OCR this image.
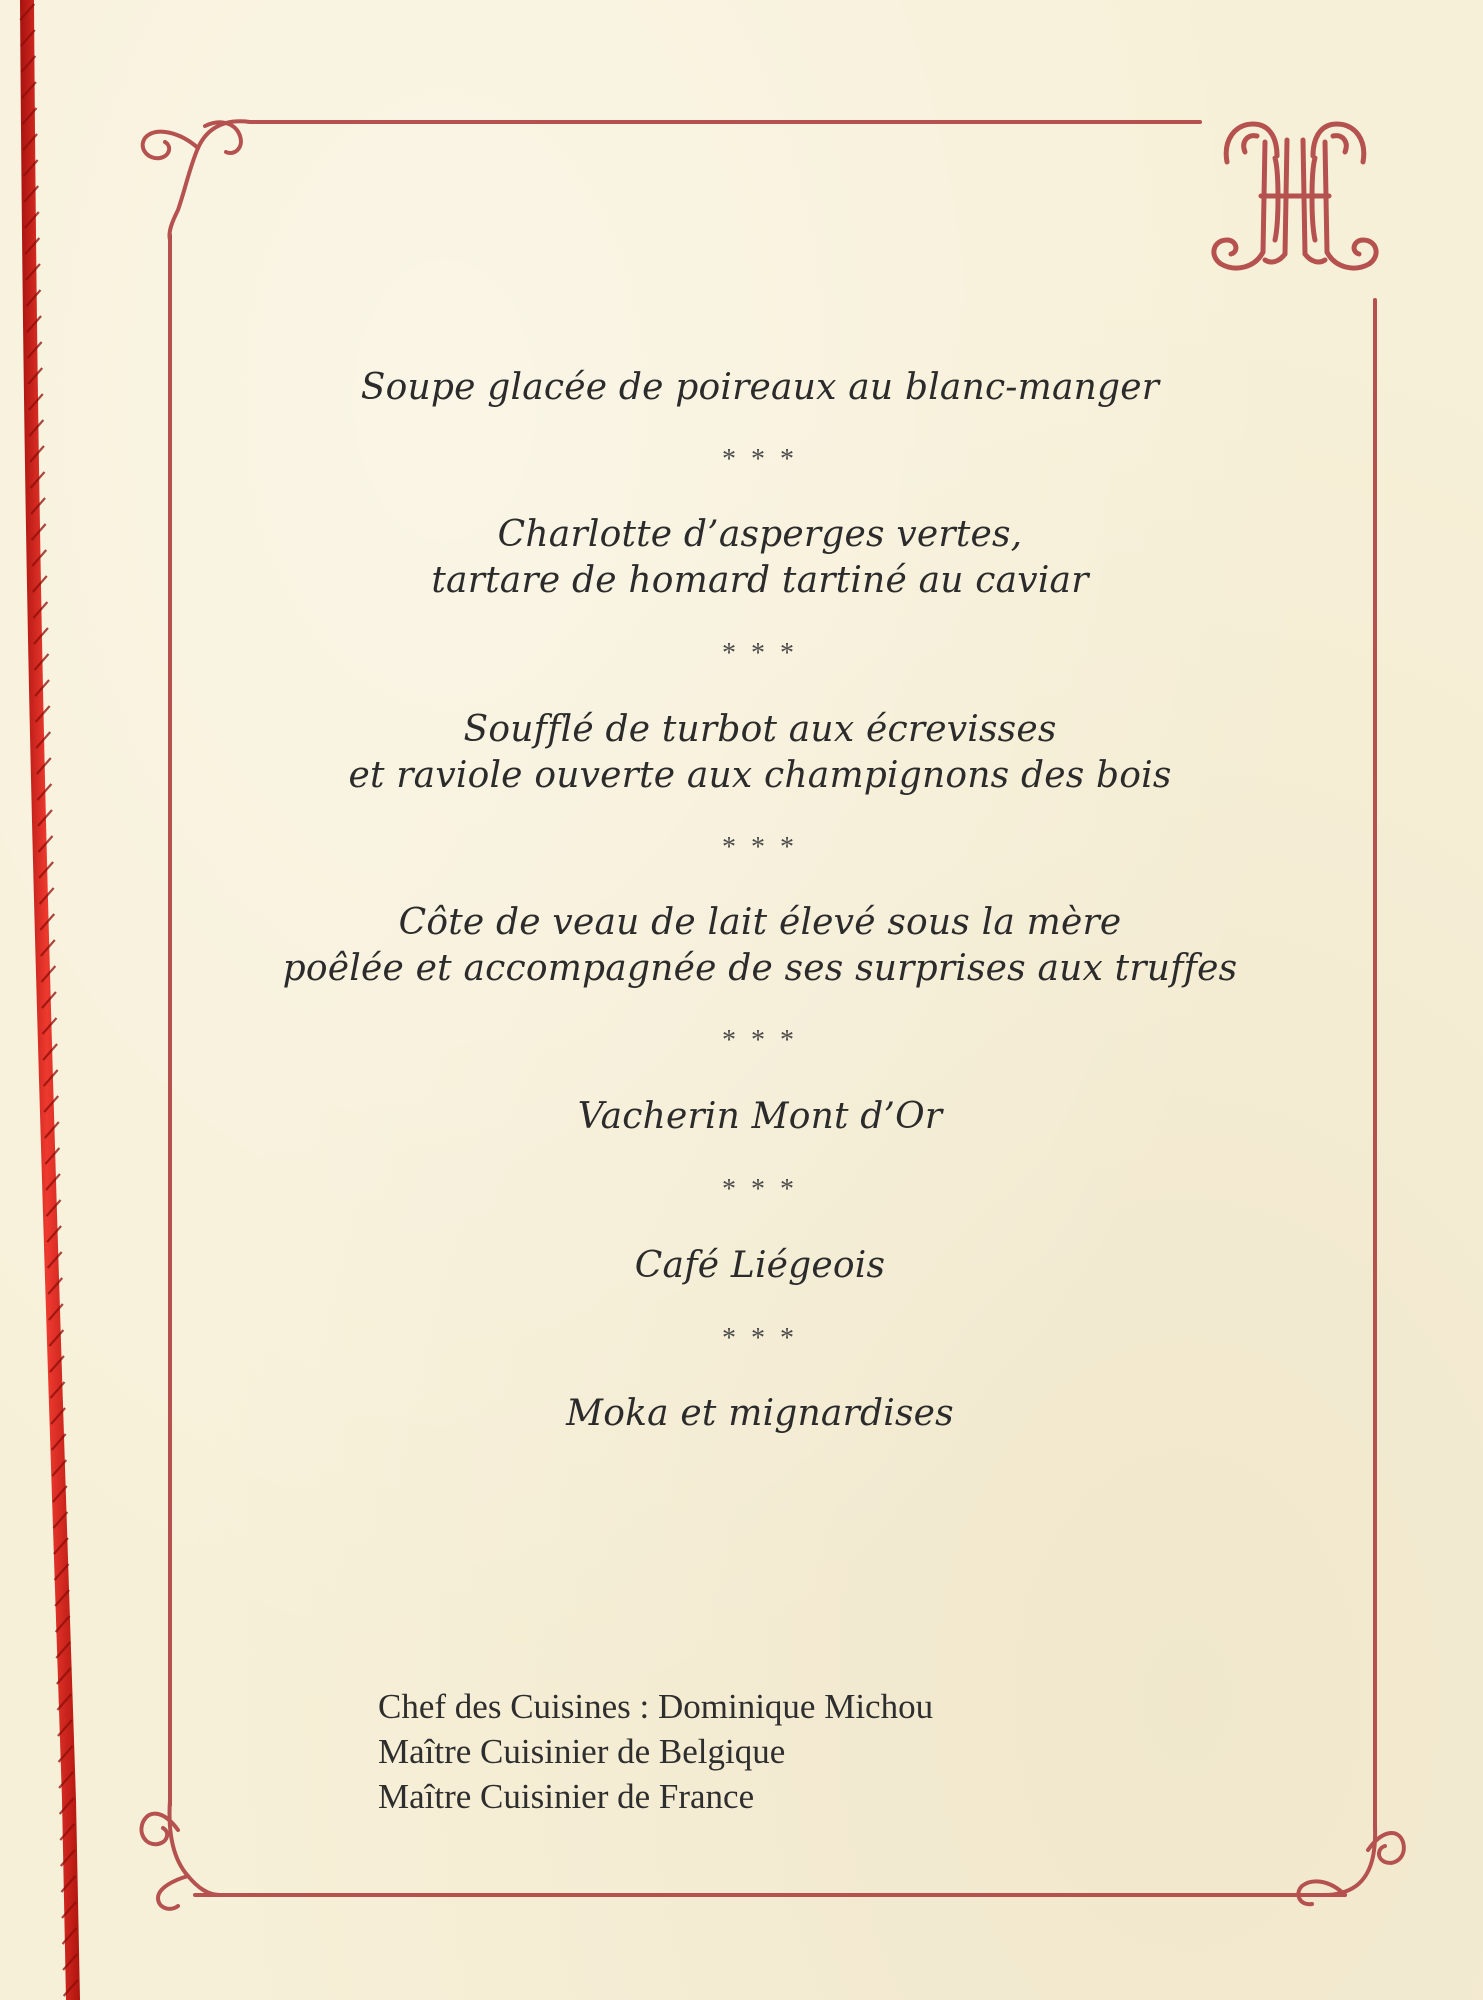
Soupe glacée de poireaux au blanc-manger
* * *
Charlotte d’asperges vertes,
tartare de homard tartiné au caviar
* * *
Soufflé de turbot aux écrevisses
et raviole ouverte aux champignons des bois
* * *
Côte de veau de lait élevé sous la mère
poêlée et accompagnée de ses surprises aux truffes
* * *
Vacherin Mont d’Or
* * *
Café Liégeois
* * *
Moka et mignardises
Chef des Cuisines : Dominique Michou
Maître Cuisinier de Belgique
Maître Cuisinier de France
